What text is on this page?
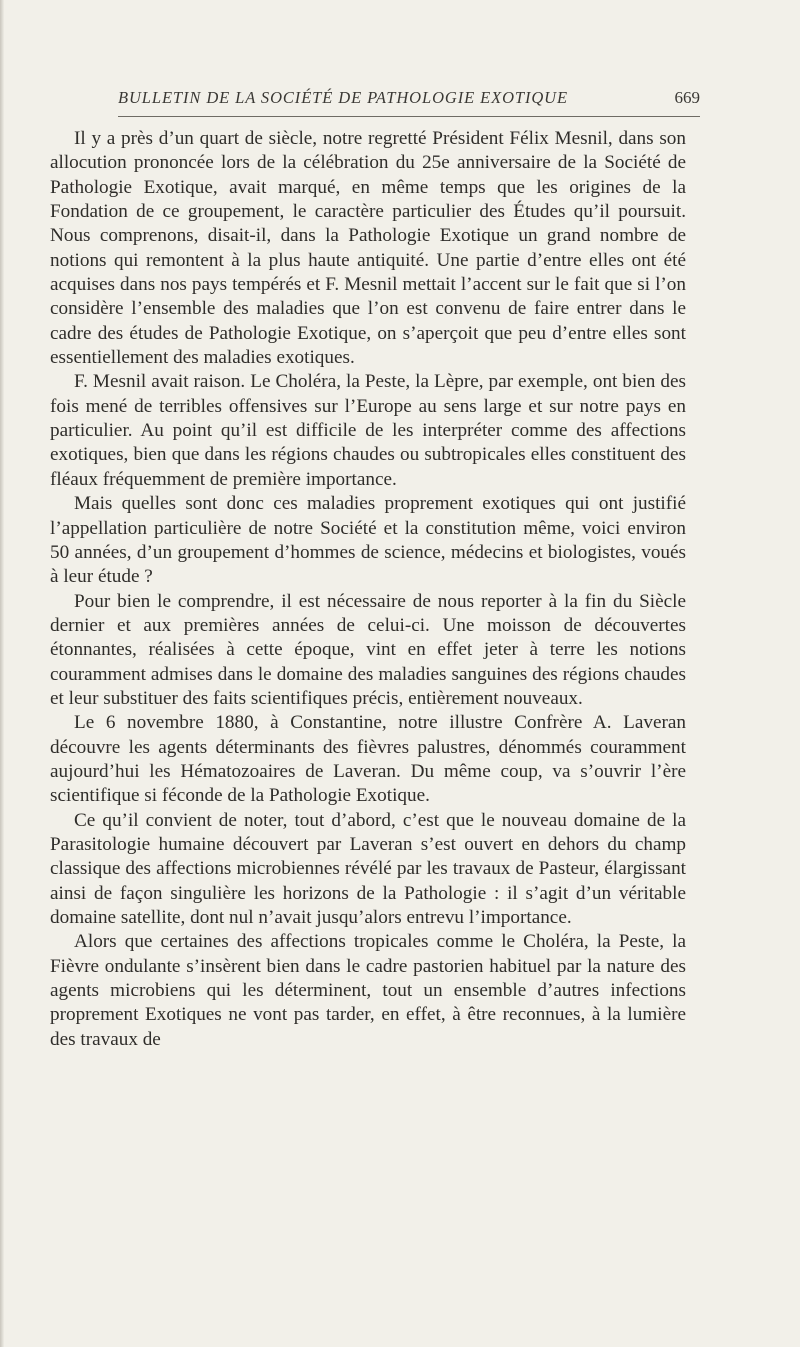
BULLETIN DE LA SOCIÉTÉ DE PATHOLOGIE EXOTIQUE	669

Il y a près d’un quart de siècle, notre regretté Président Félix Mesnil, dans son allocution prononcée lors de la célébration du 25e anniversaire de la Société de Pathologie Exotique, avait marqué, en même temps que les origines de la Fondation de ce groupement, le caractère particulier des Études qu’il poursuit. Nous comprenons, disait-il, dans la Pathologie Exotique un grand nombre de notions qui remontent à la plus haute antiquité. Une partie d’entre elles ont été acquises dans nos pays tempérés et F. Mesnil mettait l’accent sur le fait que si l’on considère l’ensemble des maladies que l’on est convenu de faire entrer dans le cadre des études de Pathologie Exotique, on s’aperçoit que peu d’entre elles sont essentiellement des maladies exotiques.

F. Mesnil avait raison. Le Choléra, la Peste, la Lèpre, par exemple, ont bien des fois mené de terribles offensives sur l’Europe au sens large et sur notre pays en particulier. Au point qu’il est difficile de les interpréter comme des affections exotiques, bien que dans les régions chaudes ou subtropicales elles constituent des fléaux fréquemment de première importance.

Mais quelles sont donc ces maladies proprement exotiques qui ont justifié l’appellation particulière de notre Société et la constitution même, voici environ 50 années, d’un groupement d’hommes de science, médecins et biologistes, voués à leur étude ?

Pour bien le comprendre, il est nécessaire de nous reporter à la fin du Siècle dernier et aux premières années de celui-ci. Une moisson de découvertes étonnantes, réalisées à cette époque, vint en effet jeter à terre les notions couramment admises dans le domaine des maladies sanguines des régions chaudes et leur substituer des faits scientifiques précis, entièrement nouveaux.

Le 6 novembre 1880, à Constantine, notre illustre Confrère A. Laveran découvre les agents déterminants des fièvres palustres, dénommés couramment aujourd’hui les Hématozoaires de Laveran. Du même coup, va s’ouvrir l’ère scientifique si féconde de la Pathologie Exotique.

Ce qu’il convient de noter, tout d’abord, c’est que le nouveau domaine de la Parasitologie humaine découvert par Laveran s’est ouvert en dehors du champ classique des affections microbiennes révélé par les travaux de Pasteur, élargissant ainsi de façon singulière les horizons de la Pathologie : il s’agit d’un véritable domaine satellite, dont nul n’avait jusqu’alors entrevu l’importance.

Alors que certaines des affections tropicales comme le Choléra, la Peste, la Fièvre ondulante s’insèrent bien dans le cadre pastorien habituel par la nature des agents microbiens qui les déterminent, tout un ensemble d’autres infections proprement Exotiques ne vont pas tarder, en effet, à être reconnues, à la lumière des travaux de
